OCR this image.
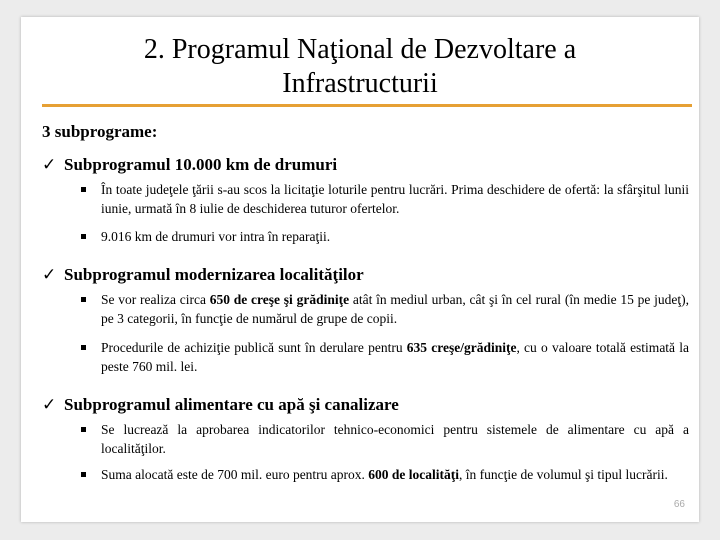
2. Programul Naţional de Dezvoltare a
Infrastructurii
3 subprograme:
✓ Subprogramul 10.000 km de drumuri
În toate judeţele ţării s-au scos la licitaţie loturile pentru lucrări. Prima deschidere de ofertă: la sfârşitul lunii iunie, urmată în 8 iulie de deschiderea tuturor ofertelor.
9.016 km de drumuri vor intra în reparaţii.
✓ Subprogramul modernizarea localităţilor
Se vor realiza circa 650 de creşe şi grădiniţe atât în mediul urban, cât şi în cel rural (în medie 15 pe judeţ), pe 3 categorii, în funcţie de numărul de grupe de copii.
Procedurile de achiziţie publică sunt în derulare pentru 635 creşe/grădiniţe, cu o valoare totală estimată la peste 760 mil. lei.
✓ Subprogramul alimentare cu apă şi canalizare
Se lucrează la aprobarea indicatorilor tehnico-economici pentru sistemele de alimentare cu apă a localităţilor.
Suma alocată este de 700 mil. euro pentru aprox. 600 de localităţi, în funcţie de volumul şi tipul lucrării.
66
